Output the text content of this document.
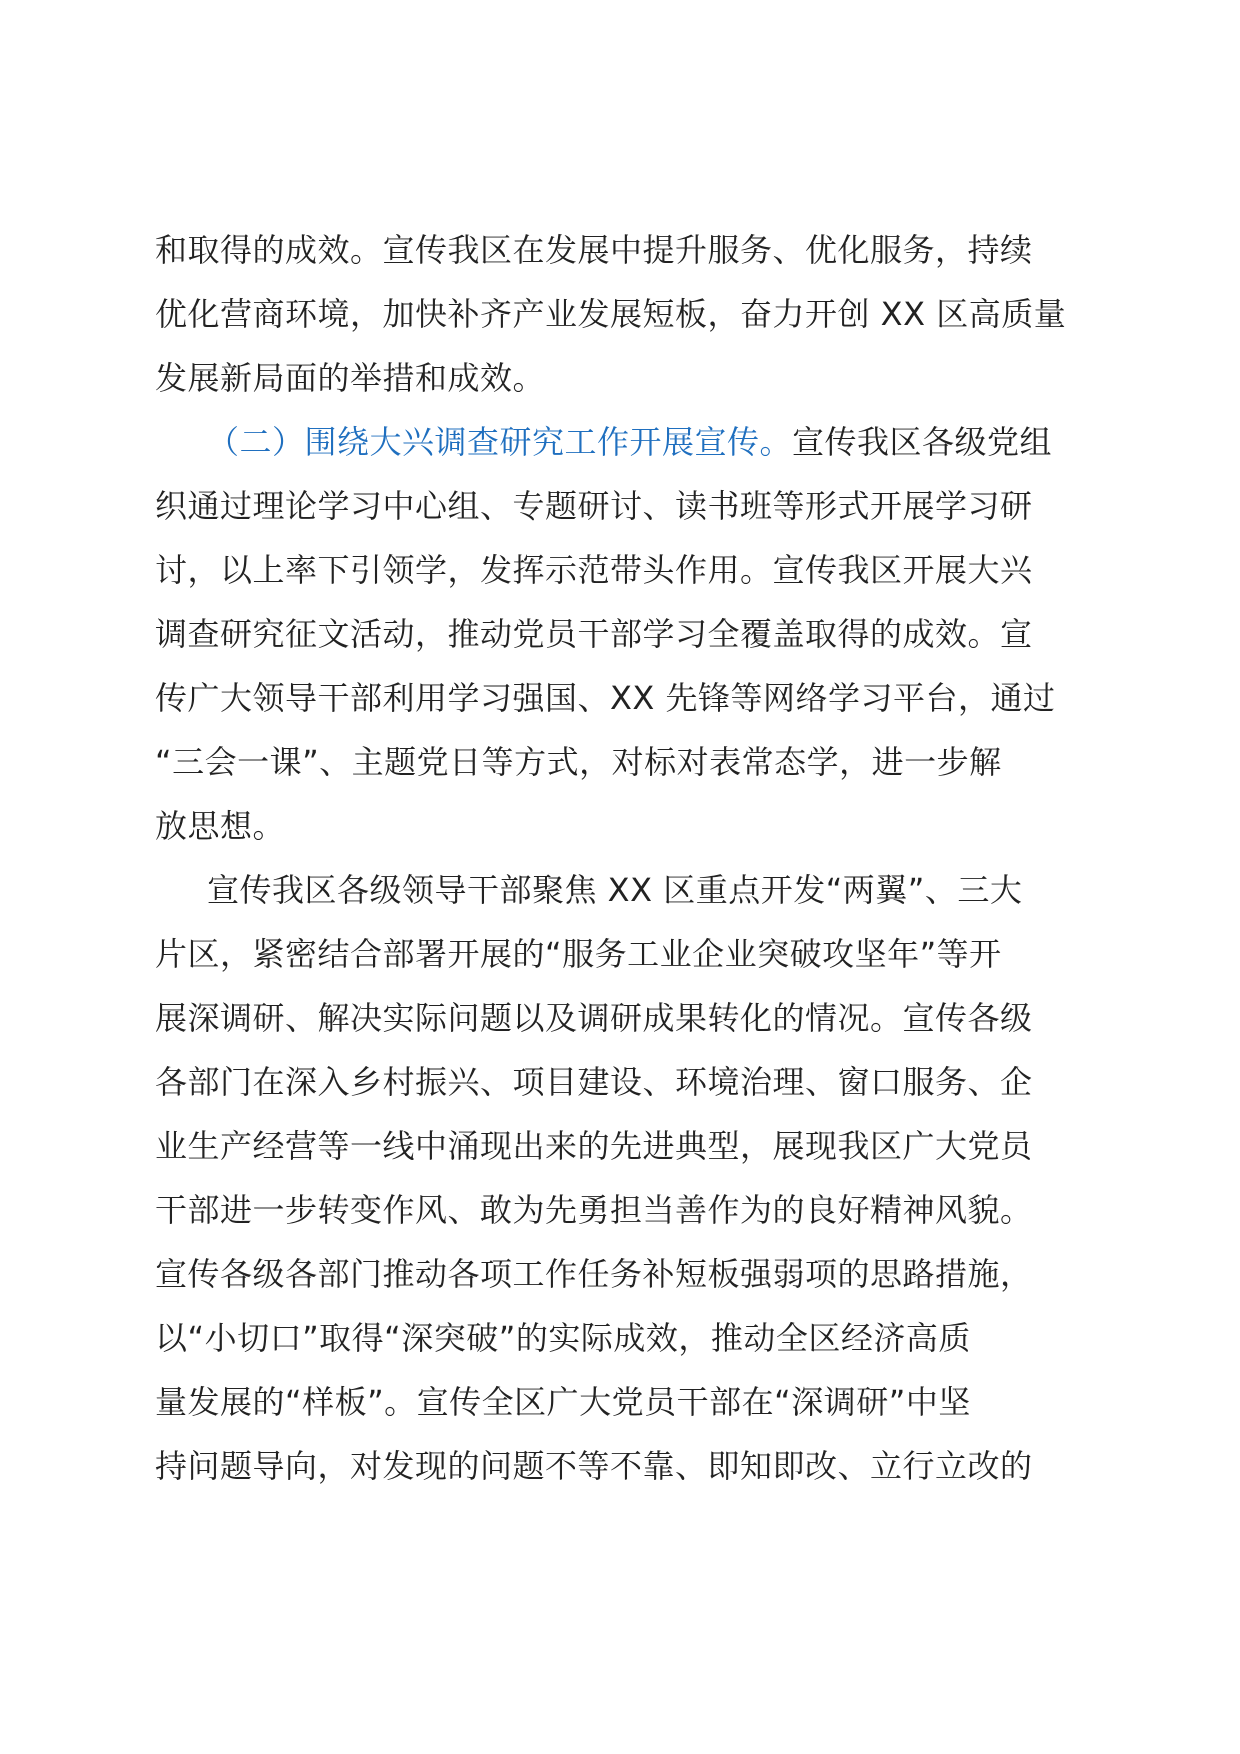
和取得的成效。宣传我区在发展中提升服务、优化服务，持续
优化营商环境，加快补齐产业发展短板，奋力开创 XX 区高质量
发展新局面的举措和成效。
（二）围绕大兴调查研究工作开展宣传。宣传我区各级党组
织通过理论学习中心组、专题研讨、读书班等形式开展学习研
讨，以上率下引领学，发挥示范带头作用。宣传我区开展大兴
调查研究征文活动，推动党员干部学习全覆盖取得的成效。宣
传广大领导干部利用学习强国、XX 先锋等网络学习平台，通过
“三会一课”、主题党日等方式，对标对表常态学，进一步解
放思想。
宣传我区各级领导干部聚焦 XX 区重点开发“两翼”、三大
片区，紧密结合部署开展的“服务工业企业突破攻坚年”等开
展深调研、解决实际问题以及调研成果转化的情况。宣传各级
各部门在深入乡村振兴、项目建设、环境治理、窗口服务、企
业生产经营等一线中涌现出来的先进典型，展现我区广大党员
干部进一步转变作风、敢为先勇担当善作为的良好精神风貌。
宣传各级各部门推动各项工作任务补短板强弱项的思路措施，
以“小切口”取得“深突破”的实际成效，推动全区经济高质
量发展的“样板”。宣传全区广大党员干部在“深调研”中坚
持问题导向，对发现的问题不等不靠、即知即改、立行立改的
